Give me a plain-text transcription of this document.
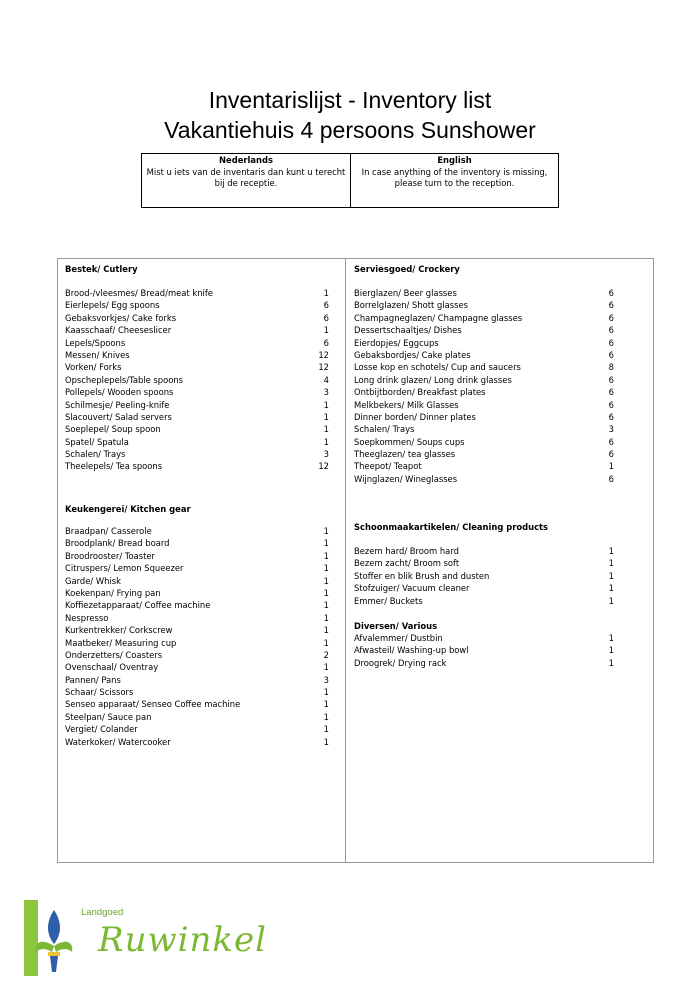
Inventarislijst - Inventory list
Vakantiehuis 4 persoons Sunshower
Nederlands
Mist u iets van de inventaris dan kunt u terecht bij de receptie.
English
In case anything of the inventory is missing, please turn to the reception.
Bestek/ Cutlery
Brood-/vleesmes/ Bread/meat knife	1
Eierlepels/ Egg spoons	6
Gebaksvorkjes/ Cake forks	6
Kaasschaaf/ Cheeseslicer	1
Lepels/Spoons	6
Messen/ Knives	12
Vorken/ Forks	12
Opscheplepels/Table spoons	4
Pollepels/ Wooden spoons	3
Schilmesje/ Peeling-knife	1
Slacouvert/ Salad servers	1
Soeplepel/ Soup spoon	1
Spatel/ Spatula	1
Schalen/ Trays	3
Theelepels/ Tea spoons	12
Keukengerei/ Kitchen gear
Braadpan/ Casserole	1
Broodplank/ Bread board	1
Broodrooster/ Toaster	1
Citruspers/ Lemon Squeezer	1
Garde/ Whisk	1
Koekenpan/ Frying pan	1
Koffiezetapparaat/ Coffee machine	1
Nespresso	1
Kurkentrekker/ Corkscrew	1
Maatbeker/ Measuring cup	1
Onderzetters/ Coasters	2
Ovenschaal/ Oventray	1
Pannen/ Pans	3
Schaar/ Scissors	1
Senseo apparaat/ Senseo Coffee machine	1
Steelpan/ Sauce pan	1
Vergiet/ Colander	1
Waterkoker/ Watercooker	1
Serviesgoed/ Crockery
Bierglazen/ Beer glasses	6
Borrelglazen/ Shott glasses	6
Champagneglazen/ Champagne glasses	6
Dessertschaaltjes/ Dishes	6
Eierdopjes/ Eggcups	6
Gebaksbordjes/ Cake plates	6
Losse kop en schotels/ Cup and saucers	8
Long drink glazen/ Long drink glasses	6
Ontbijtborden/ Breakfast plates	6
Melkbekers/ Milk Glasses	6
Dinner borden/ Dinner plates	6
Schalen/ Trays	3
Soepkommen/ Soups cups	6
Theeglazen/ tea glasses	6
Theepot/ Teapot	1
Wijnglazen/ Wineglasses	6
Schoonmaakartikelen/ Cleaning products
Bezem hard/ Broom hard	1
Bezem zacht/ Broom soft	1
Stoffer en blik Brush and dusten	1
Stofzuiger/ Vacuum cleaner	1
Emmer/ Buckets	1
Diversen/ Various
Afvalemmer/ Dustbin	1
Afwasteil/ Washing-up bowl	1
Droogrek/ Drying rack	1
Landgoed
Ruwinkel
